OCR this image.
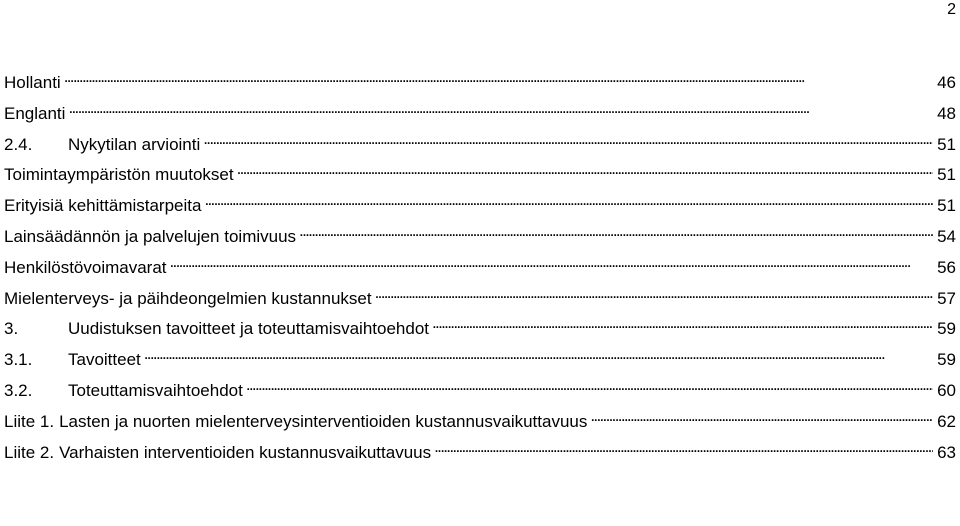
2
Hollanti . . .	46
Englanti . . .	48
2.4.	Nykytilan arviointi . . .	51
Toimintaympäristön muutokset . . .	51
Erityisiä kehittämistarpeita . . .	51
Lainsäädännön ja palvelujen toimivuus . . .	54
Henkilöstövoimavarat . . .	56
Mielenterveys- ja päihdeongelmien kustannukset . . .	57
3.	Uudistuksen tavoitteet ja toteuttamisvaihtoehdot . . .	59
3.1.	Tavoitteet . . .	59
3.2.	Toteuttamisvaihtoehdot . . .	60
Liite 1. Lasten ja nuorten mielenterveysinterventioiden kustannusvaikuttavuus . . .	62
Liite 2. Varhaisten interventioiden kustannusvaikuttavuus . . .	63
